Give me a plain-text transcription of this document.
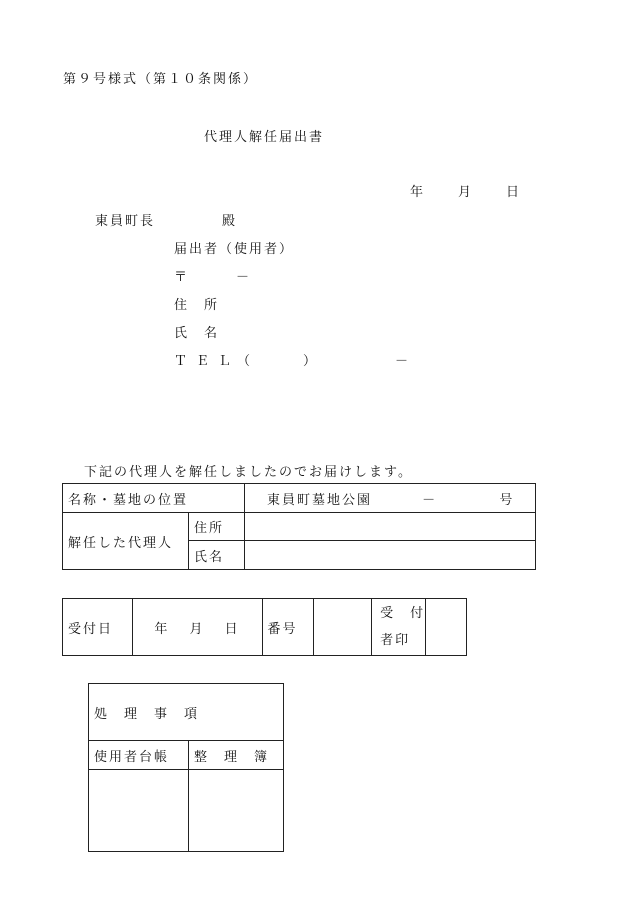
第９号様式（第１０条関係）
代理人解任届出書
年	月	日
東員町長	殿
届出者（使用者）
〒	－
住　所
氏　名
ＴＥＬ
（	）	－
下記の代理人を解任しましたのでお届けします。
名称・墓地の位置		東員町墓地公園 － 号
解任した代理人	住所	
	氏名	
受付日	年 月 日	番号		
受　付
者印

処　理　事　項	
使用者台帳	整　理　簿
